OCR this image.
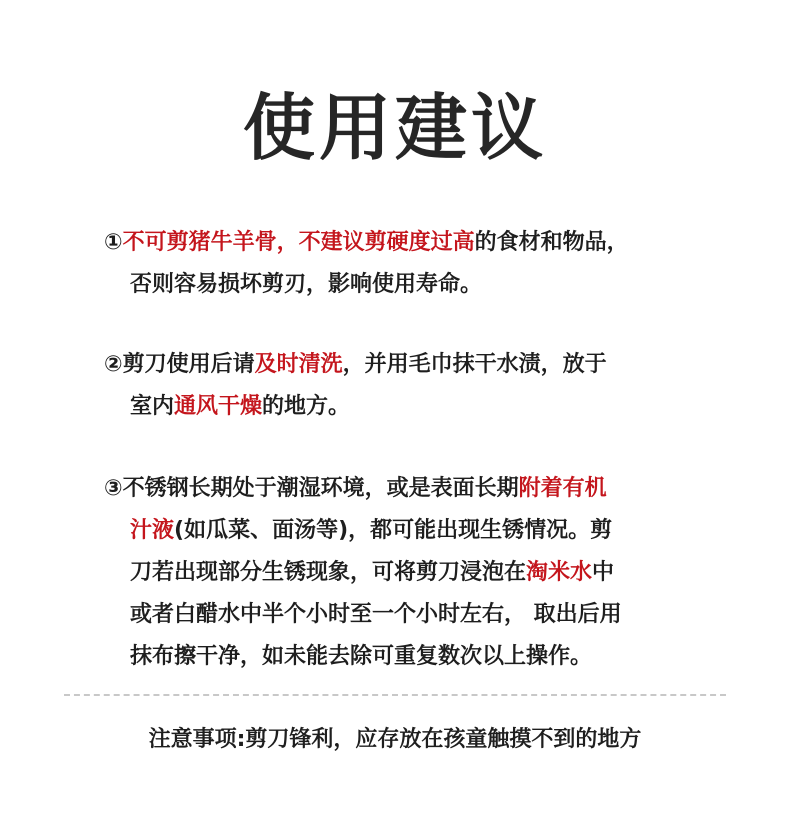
使用建议
①不可剪猪牛羊骨，不建议剪硬度过高的食材和物品，
否则容易损坏剪刃，影响使用寿命。
②剪刀使用后请及时清洗，并用毛巾抹干水渍，放于
室内通风干燥的地方。
③不锈钢长期处于潮湿环境，或是表面长期附着有机
汁液(如瓜菜、面汤等)，都可能出现生锈情况。剪
刀若出现部分生锈现象，可将剪刀浸泡在淘米水中
或者白醋水中半个小时至一个小时左右， 取出后用
抹布擦干净，如未能去除可重复数次以上操作。
注意事项:剪刀锋利，应存放在孩童触摸不到的地方
